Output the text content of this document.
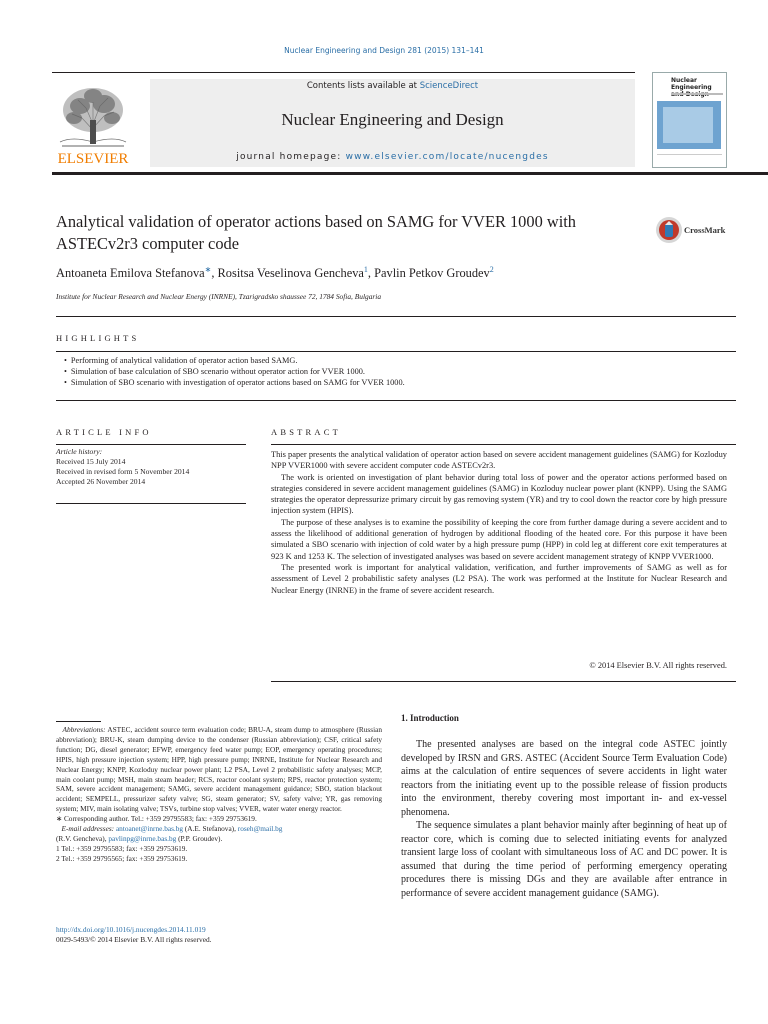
Nuclear Engineering and Design 281 (2015) 131–141
ELSEVIER
Contents lists available at ScienceDirect
Nuclear Engineering and Design
journal homepage: www.elsevier.com/locate/nucengdes
Nuclear Engineering

Analytical validation of operator actions based on SAMG for VVER 1000 with ASTECv2r3 computer code
CrossMark
Antoaneta Emilova Stefanova∗, Rositsa Veselinova Gencheva$^1$, Pavlin Petkov Groudev$^2$
Institute for Nuclear Research and Nuclear Energy (INRNE), Tzarigradsko shaussee 72, 1784 Sofia, Bulgaria
HIGHLIGHTS
• Performing of analytical validation of operator action based SAMG.
• Simulation of base calculation of SBO scenario without operator action for VVER 1000.
• Simulation of SBO scenario with investigation of operator actions based on SAMG for VVER 1000.
ARTICLE INFO
Article history:
Received 15 July 2014
Received in revised form 5 November 2014
Accepted 26 November 2014
ABSTRACT

This paper presents the analytical validation of operator action based on severe accident management guidelines (SAMG) for Kozloduy NPP VVER1000 with severe accident computer code ASTECv2r3.

The work is oriented on investigation of plant behavior during total loss of power and the operator actions performed based on strategies considered in severe accident management guidelines (SAMG) in Kozloduy nuclear power plant (KNPP). Using the SAMG strategies the operator depressurize primary circuit by gas removing system (YR) and try to cool down the reactor core by high pressure injection system (HPIS).

The purpose of these analyses is to examine the possibility of keeping the core from further damage during a severe accident and to assess the likelihood of additional generation of hydrogen by additional flooding of the heated core. For this purpose it have been simulated a SBO scenario with injection of cold water by a high pressure pump (HPP) in cold leg at different core exit temperatures at 923 K and 1253 K. The selection of investigated analyses was based on severe accident management strategy of KNPP VVER1000.

The presented work is important for analytical validation, verification, and further improvements of SAMG as well as for assessment of Level 2 probabilistic safety analyses (L2 PSA). The work was performed at the Institute for Nuclear Research and Nuclear Energy (INRNE) in the frame of severe accident research.

© 2014 Elsevier B.V. All rights reserved.

Abbreviations: ASTEC, accident source term evaluation code; BRU-A, steam dump to atmosphere (Russian abbreviation); BRU-K, steam dumping device to the condenser (Russian abbreviation); CSF, critical safety function; DG, diesel generator; EFWP, emergency feed water pump; EOP, emergency operating procedures; HPIS, high pressure injection system; HPP, high pressure pump; INRNE, Institute for Nuclear Research and Nuclear Energy; KNPP, Kozloduy nuclear power plant; L2 PSA, Level 2 probabilistic safety analyses; MCP, main coolant pump; MSH, main steam header; RCS, reactor coolant system; RPS, reactor protection system; SAM, severe accident management; SAMG, severe accident management guidance; SBO, station blackout accident; SEMPELL, pressurizer safety valve; SG, steam generator; SV, safety valve; YR, gas removing system; MIV, main isolating valve; TSVs, turbine stop valves; VVER, water water energy reactor.

∗ Corresponding author. Tel.: +359 29795583; fax: +359 29753619.

E-mail addresses: antoanet@inrne.bas.bg (A.E. Stefanova), roseh@mail.bg
(R.V. Gencheva), pavlinpg@inrne.bas.bg (P.P. Groudev).

1 Tel.: +359 29795583; fax: +359 29753619.

2 Tel.: +359 29795565; fax: +359 29753619.

http://dx.doi.org/10.1016/j.nucengdes.2014.11.019
0029-5493/© 2014 Elsevier B.V. All rights reserved.
1. Introduction

The presented analyses are based on the integral code ASTEC jointly developed by IRSN and GRS. ASTEC (Accident Source Term Evaluation Code) aims at the calculation of entire sequences of severe accidents in light water reactors from the initiating event up to the possible release of fission products into the environment, thereby covering most important in- and ex-vessel phenomena.

The sequence simulates a plant behavior mainly after beginning of heat up of reactor core, which is coming due to selected initiating events for analyzed transient large loss of coolant with simultaneous loss of AC and DC power. It is assumed that during the time period of performing emergency operating procedures there is missing DGs and they are available after entrance in performance of severe accident management guidance (SAMG).
